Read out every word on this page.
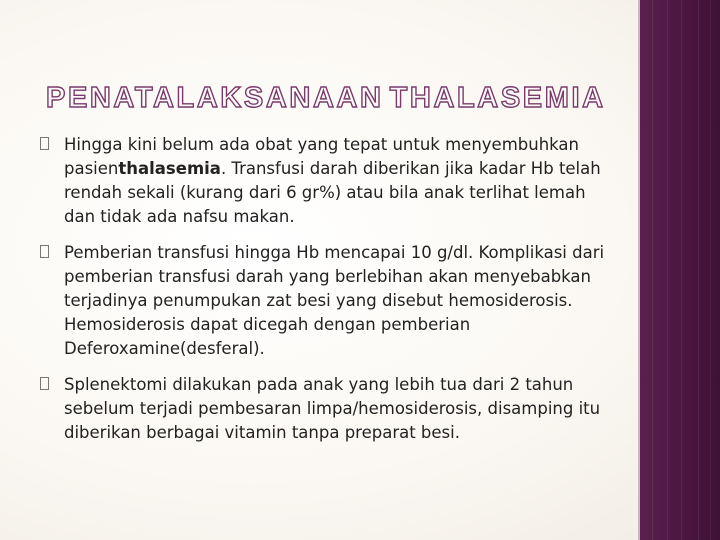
PENATALAKSANAAN THALASEMIA
Hingga kini belum ada obat yang tepat untuk menyembuhkan pasienthalasemia. Transfusi darah diberikan jika kadar Hb telah rendah sekali (kurang dari 6 gr%) atau bila anak terlihat lemah dan tidak ada nafsu makan.
Pemberian transfusi hingga Hb mencapai 10 g/dl. Komplikasi dari pemberian transfusi darah yang berlebihan akan menyebabkan terjadinya penumpukan zat besi yang disebut hemosiderosis. Hemosiderosis dapat dicegah dengan pemberian Deferoxamine(desferal).
Splenektomi dilakukan pada anak yang lebih tua dari 2 tahun sebelum terjadi pembesaran limpa/hemosiderosis, disamping itu diberikan berbagai vitamin tanpa preparat besi.
